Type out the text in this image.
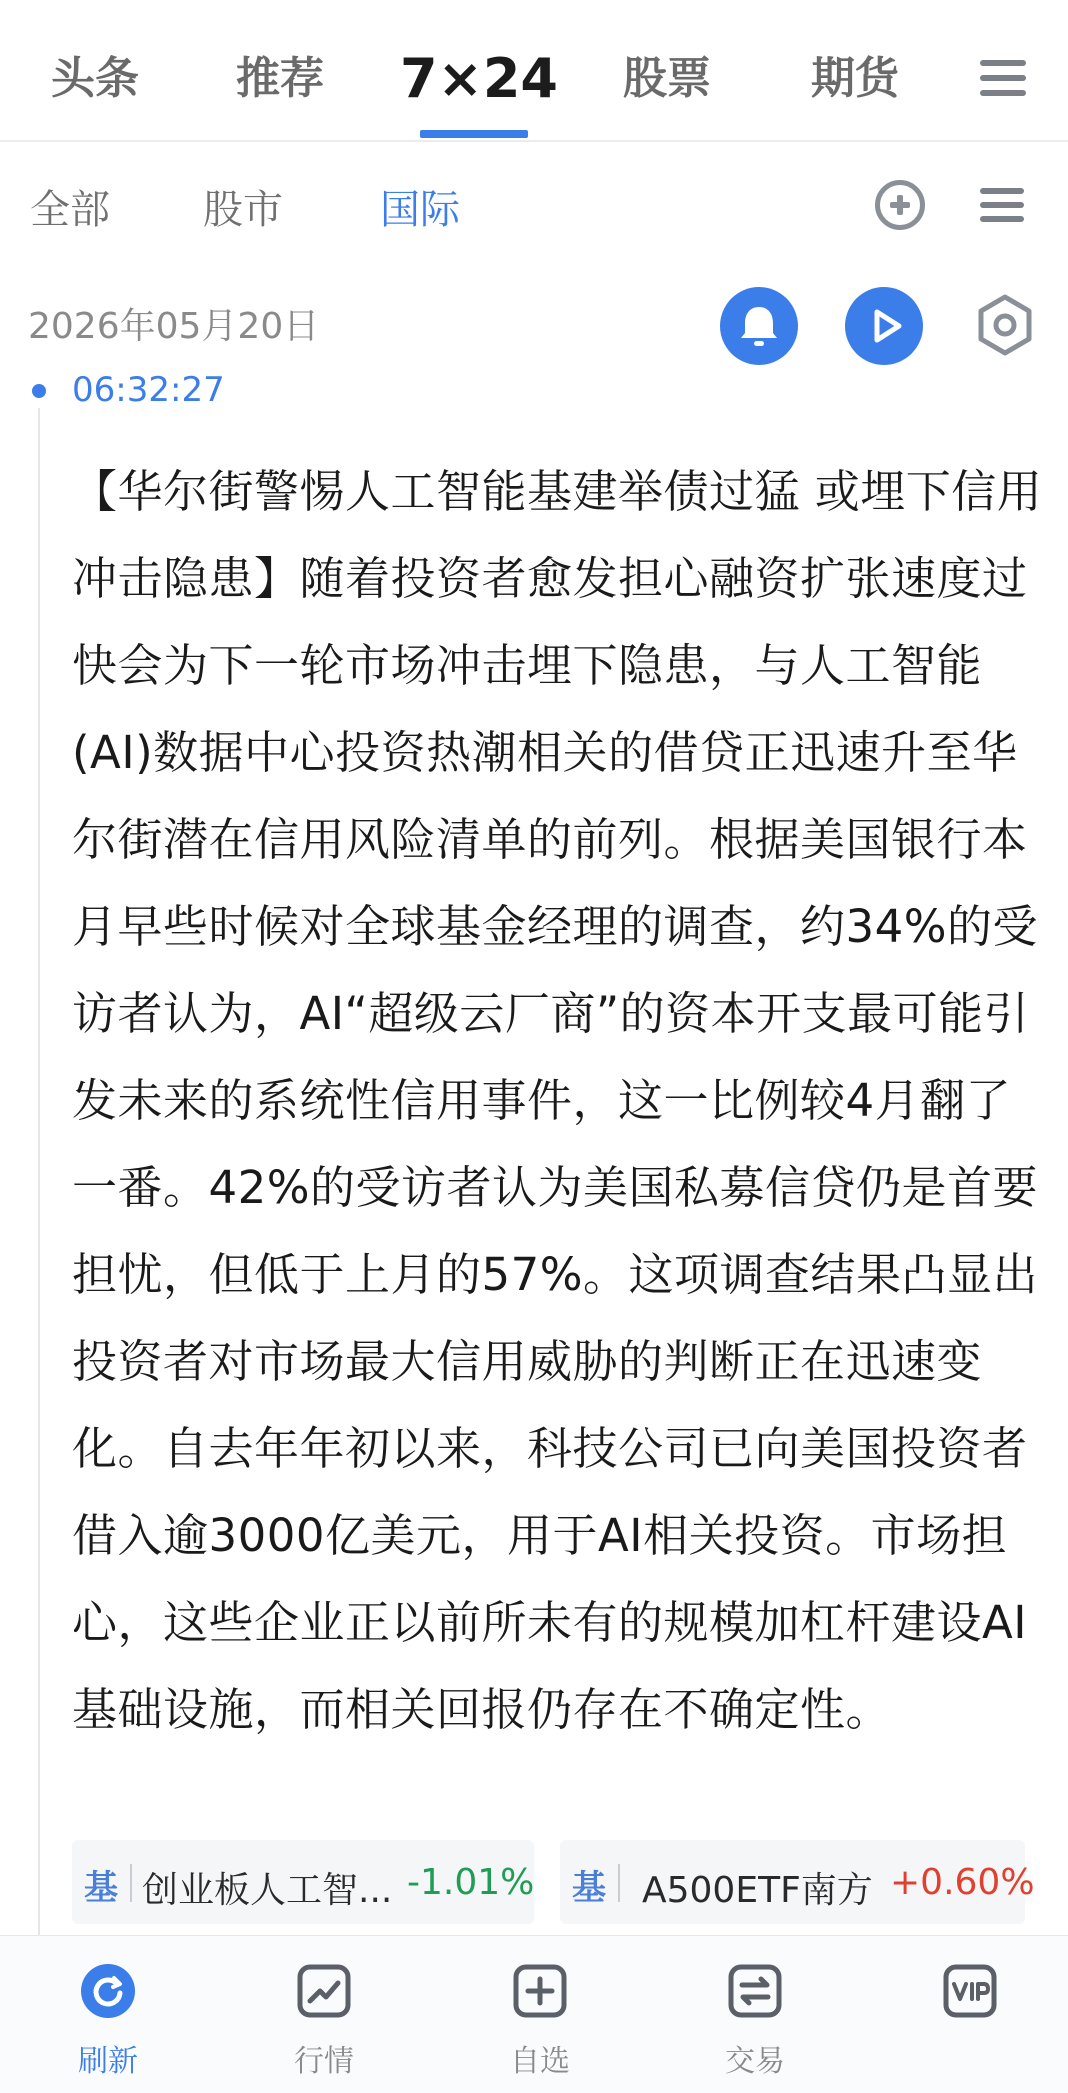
头条 推荐 7×24 股票 期货
全部 股市 国际
2026年05月20日
06:32:27
【华尔街警惕人工智能基建举债过猛 或埋下信用冲击隐患】随着投资者愈发担心融资扩张速度过快会为下一轮市场冲击埋下隐患，与人工智能(AI)数据中心投资热潮相关的借贷正迅速升至华尔街潜在信用风险清单的前列。根据美国银行本月早些时候对全球基金经理的调查，约34%的受访者认为，AI“超级云厂商”的资本开支最可能引发未来的系统性信用事件，这一比例较4月翻了一番。42%的受访者认为美国私募信贷仍是首要担忧，但低于上月的57%。这项调查结果凸显出投资者对市场最大信用威胁的判断正在迅速变化。自去年年初以来，科技公司已向美国投资者借入逾3000亿美元，用于AI相关投资。市场担心，这些企业正以前所未有的规模加杠杆建设AI基础设施，而相关回报仍存在不确定性。
基 创业板人工智... -1.01% 基 A500ETF南方 +0.60%
刷新	行情	自选	交易
